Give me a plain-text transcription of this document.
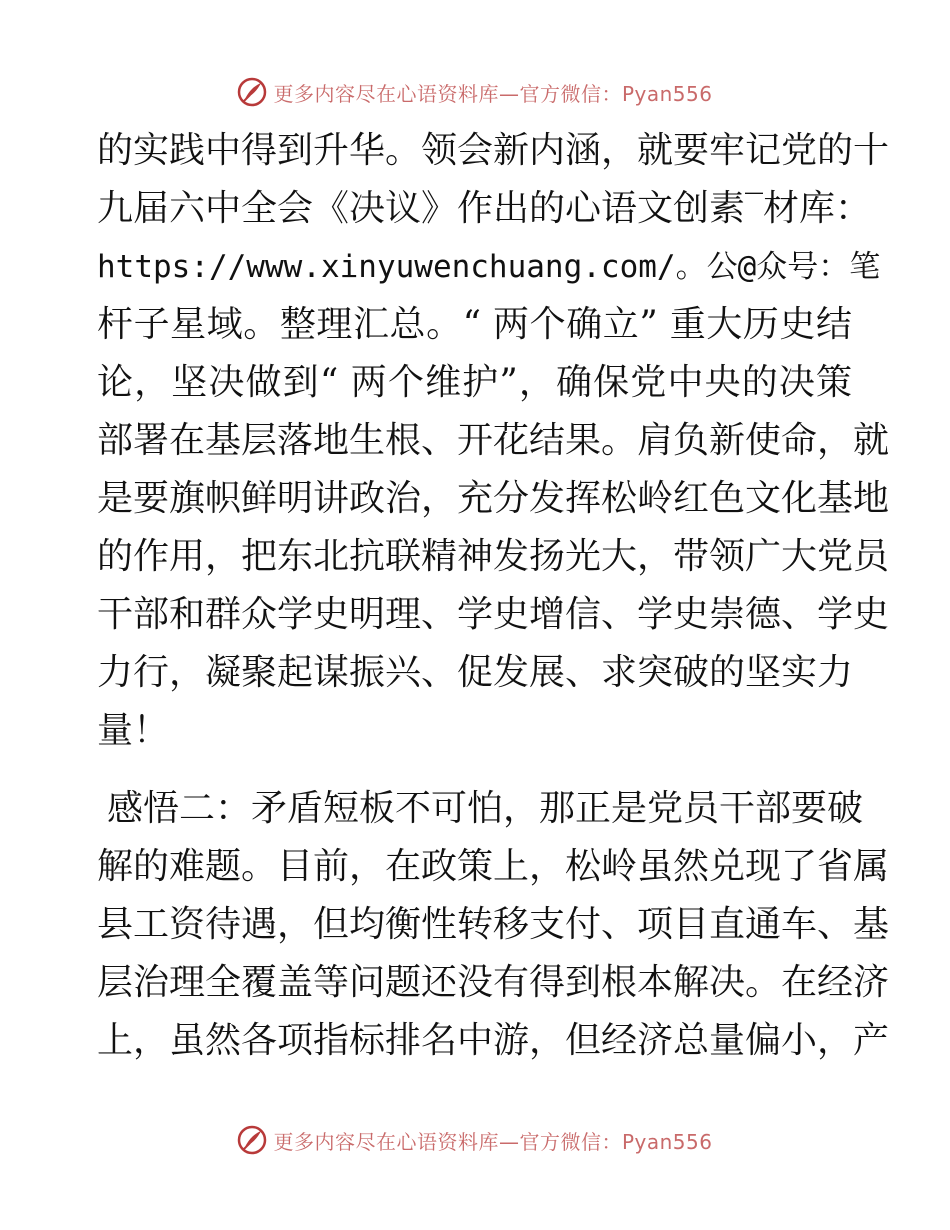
更多内容尽在心语资料库—官方微信：Pyan556
的实践中得到升华。领会新内涵，就要牢记党的十
九届六中全会《决议》作出的心语文创素‾材库：
https://www.xinyuwenchuang.com/。公@众号：笔
杆子星域。整理汇总。“ 两个确立” 重大历史结
论，坚决做到“ 两个维护”，确保党中央的决策
部署在基层落地生根、开花结果。肩负新使命，就
是要旗帜鲜明讲政治，充分发挥松岭红色文化基地
的作用，把东北抗联精神发扬光大，带领广大党员
干部和群众学史明理、学史增信、学史崇德、学史
力行，凝聚起谋振兴、促发展、求突破的坚实力
量！
感悟二：矛盾短板不可怕，那正是党员干部要破
解的难题。目前，在政策上，松岭虽然兑现了省属
县工资待遇，但均衡性转移支付、项目直通车、基
层治理全覆盖等问题还没有得到根本解决。在经济
上，虽然各项指标排名中游，但经济总量偏小，产
更多内容尽在心语资料库—官方微信：Pyan556
